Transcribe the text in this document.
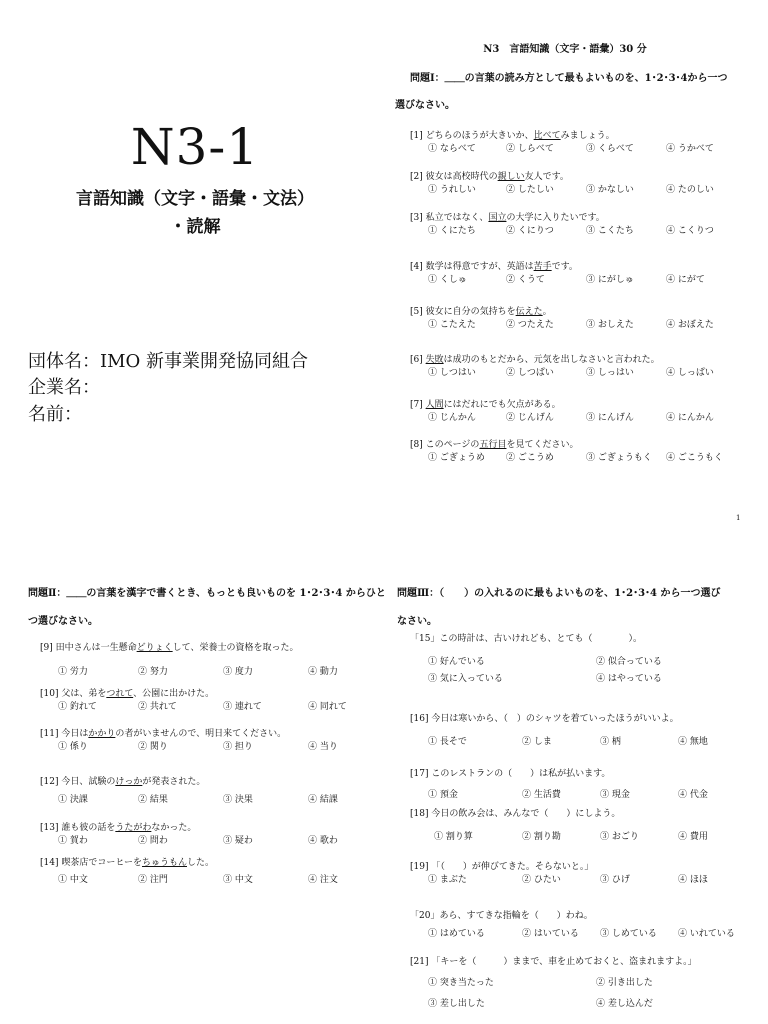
N3-1
言語知識（文字・語彙・文法）
・読解
団体名：IMO 新事業開発協同組合
企業名：
名前：
N3　言語知識（文字・語彙）30 分
問題Ⅰ：＿＿の言葉の読み方として最もよいものを、1･2･3･4から一つ
選びなさい。
[1] どちらのほうが大きいか、比べてみましょう。
① ならべて	② しらべて	③ くらべて	④ うかべて
[2] 彼女は高校時代の親しい友人です。
① うれしい	② したしい	③ かなしい	④ たのしい
[3] 私立ではなく、国立の大学に入りたいです。
① くにたち	② くにりつ	③ こくたち	④ こくりつ
[4] 数学は得意ですが、英語は苦手です。
① くしゅ	② くうて	③ にがしゅ	④ にがて
[5] 彼女に自分の気持ちを伝えた。
① こたえた	② つたえた	③ おしえた	④ おぼえた
[6] 失敗は成功のもとだから、元気を出しなさいと言われた。
① しつはい	② しつぱい	③ しっはい	④ しっぱい
[7] 人間にはだれにでも欠点がある。
① じんかん	② じんげん	③ にんげん	④ にんかん
[8] このページの五行目を見てください。
① ごぎょうめ ② ごこうめ	③ ごぎょうもく ④ ごこうもく
1
問題Ⅱ：＿＿の言葉を漢字で書くとき、もっとも良いものを 1･2･3･4 からひと
つ選びなさい。
[9] 田中さんは一生懸命どりょくして、栄養士の資格を取った。
① 労力	② 努力	③ 度力	④ 動力
[10] 父は、弟をつれて、公園に出かけた。
① 釣れて	② 共れて	③ 連れて	④ 同れて
[11] 今日はかかりの者がいませんので、明日来てください。
① 係り	② 関り	③ 担り	④ 当り
[12] 今日、試験のけっかが発表された。
① 決課	② 結果	③ 決果	④ 結課
[13] 誰も彼の話をうたがわなかった。
① 賀わ	② 問わ	③ 疑わ	④ 歌わ
[14] 喫茶店でコーヒーをちゅうもんした。
① 中文	② 注門	③ 中文	④ 注文
問題Ⅲ：（　　）の入れるのに最もよいものを、1･2･3･4 から一つ選び
なさい。
「15」この時計は、古いけれども、とても（　　　　）。
① 好んでいる	② 似合っている
③ 気に入っている	④ はやっている
[16] 今日は寒いから、（　）のシャツを着ていったほうがいいよ。
① 長そで	② しま	③ 柄	④ 無地
[17] このレストランの（　　）は私が払います。
① 預金	② 生活費	③ 現金	④ 代金
[18] 今日の飲み会は、みんなで（　　）にしよう。
① 割り算	② 割り勘	③ おごり	④ 費用
[19] 「（　　）が伸びてきた。そらないと。」
① まぶた	② ひたい	③ ひげ	④ ほほ
「20」あら、すてきな指輪を（　　）わね。
① はめている	② はいている ③ しめている ④ いれている
[21] 「キーを（　　　）ままで、車を止めておくと、盗まれますよ。」
① 突き当たった	② 引き出した
③ 差し出した	④ 差し込んだ
